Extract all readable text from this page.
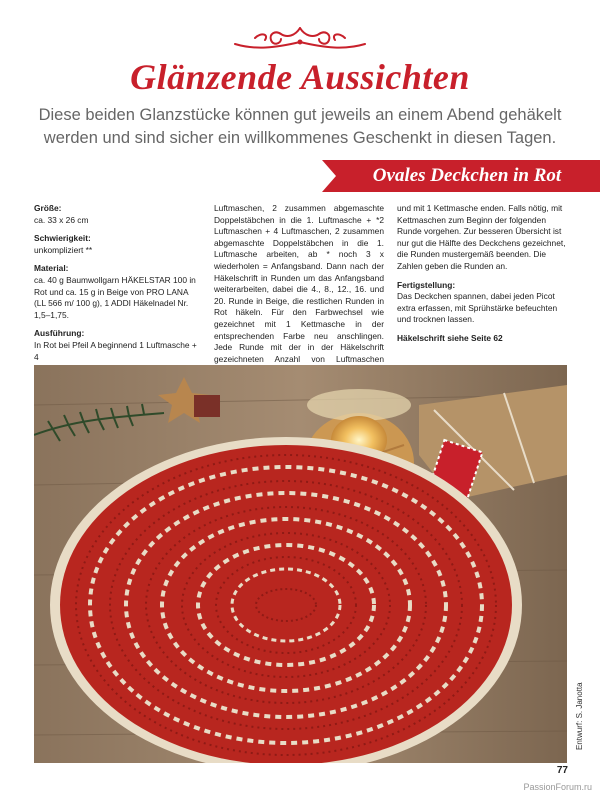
Glänzende Aussichten
Diese beiden Glanzstücke können gut jeweils an einem Abend gehäkelt werden und sind sicher ein willkommenes Geschenkt in diesen Tagen.
Ovales Deckchen in Rot

Größe:
ca. 33 x 26 cm

Schwierigkeit:
unkompliziert **

Material:
ca. 40 g Baumwollgarn HÄKELSTAR 100 in Rot und ca. 15 g in Beige von PRO LANA (LL 566 m/ 100 g), 1 ADDI Häkelnadel Nr. 1,5–1,75.

Ausführung:
In Rot bei Pfeil A beginnend 1 Luftmasche + 4

Luftmaschen, 2 zusammen abgemaschte Doppelstäbchen in die 1. Luftmasche + *2 Luftmaschen + 4 Luftmaschen, 2 zusammen abgemaschte Doppelstäbchen in die 1. Luftmasche arbeiten, ab * noch 3 x wiederholen = Anfangsband. Dann nach der Häkelschrift in Runden um das Anfangsband weiterarbeiten, dabei die 4., 8., 12., 16. und 20. Runde in Beige, die restlichen Runden in Rot häkeln. Für den Farbwechsel wie gezeichnet mit 1 Kettmasche in der entsprechenden Farbe neu anschlingen. Jede Runde mit der in der Häkelschrift gezeichneten Anzahl von Luftmaschen

und mit 1 Kettmasche enden. Falls nötig, mit Kettmaschen zum Beginn der folgenden Runde vorgehen. Zur besseren Übersicht ist nur gut die Hälfte des Deckchens gezeichnet, die Runden mustergemäß beenden. Die Zahlen geben die Runden an.

Fertigstellung:
Das Deckchen spannen, dabei jeden Picot extra erfassen, mit Sprühstärke befeuchten und trocknen lassen.

Häkelschrift siehe Seite 62

Entwurf: S. Janotta
77
PassionForum.ru
